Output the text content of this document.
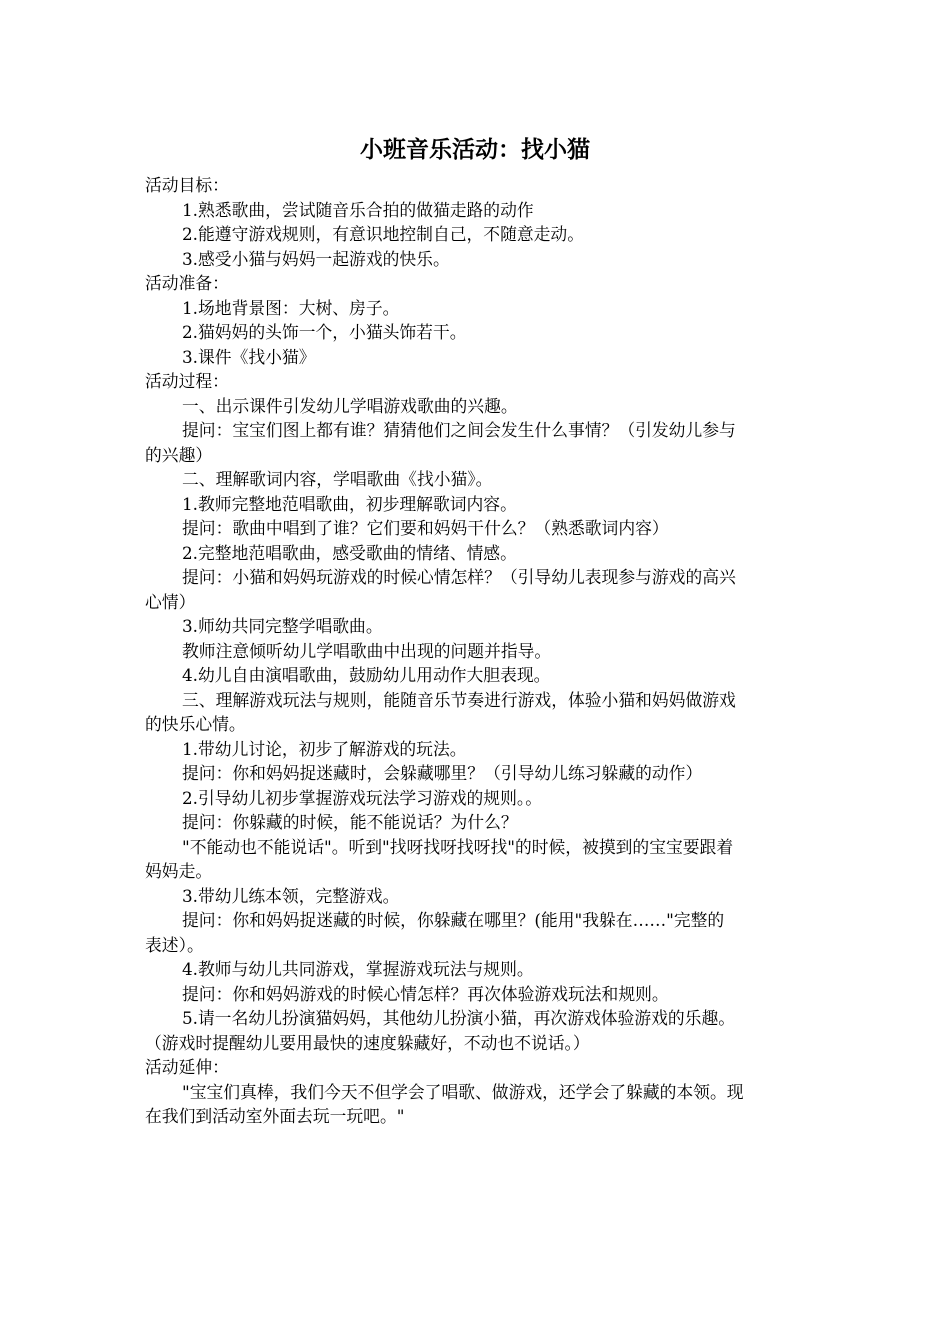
小班音乐活动：找小猫
活动目标：
1.熟悉歌曲，尝试随音乐合拍的做猫走路的动作
2.能遵守游戏规则，有意识地控制自己，不随意走动。
3.感受小猫与妈妈一起游戏的快乐。
活动准备：
1.场地背景图：大树、房子。
2.猫妈妈的头饰一个，小猫头饰若干。
3.课件《找小猫》
活动过程：
一、出示课件引发幼儿学唱游戏歌曲的兴趣。
提问：宝宝们图上都有谁？猜猜他们之间会发生什么事情？（引发幼儿参与
的兴趣）
二、理解歌词内容，学唱歌曲《找小猫》。
1.教师完整地范唱歌曲，初步理解歌词内容。
提问：歌曲中唱到了谁？它们要和妈妈干什么？（熟悉歌词内容）
2.完整地范唱歌曲，感受歌曲的情绪、情感。
提问：小猫和妈妈玩游戏的时候心情怎样？（引导幼儿表现参与游戏的高兴
心情）
3.师幼共同完整学唱歌曲。
教师注意倾听幼儿学唱歌曲中出现的问题并指导。
4.幼儿自由演唱歌曲，鼓励幼儿用动作大胆表现。
三、理解游戏玩法与规则，能随音乐节奏进行游戏，体验小猫和妈妈做游戏
的快乐心情。
1.带幼儿讨论，初步了解游戏的玩法。
提问：你和妈妈捉迷藏时，会躲藏哪里？（引导幼儿练习躲藏的动作）
2.引导幼儿初步掌握游戏玩法学习游戏的规则。。
提问：你躲藏的时候，能不能说话？为什么？
"不能动也不能说话"。听到"找呀找呀找呀找"的时候，被摸到的宝宝要跟着
妈妈走。
3.带幼儿练本领，完整游戏。
提问：你和妈妈捉迷藏的时候，你躲藏在哪里？(能用"我躲在……"完整的
表述）。
4.教师与幼儿共同游戏，掌握游戏玩法与规则。
提问：你和妈妈游戏的时候心情怎样？再次体验游戏玩法和规则。
5.请一名幼儿扮演猫妈妈，其他幼儿扮演小猫，再次游戏体验游戏的乐趣。
（游戏时提醒幼儿要用最快的速度躲藏好，不动也不说话。）
活动延伸：
"宝宝们真棒，我们今天不但学会了唱歌、做游戏，还学会了躲藏的本领。现
在我们到活动室外面去玩一玩吧。"
